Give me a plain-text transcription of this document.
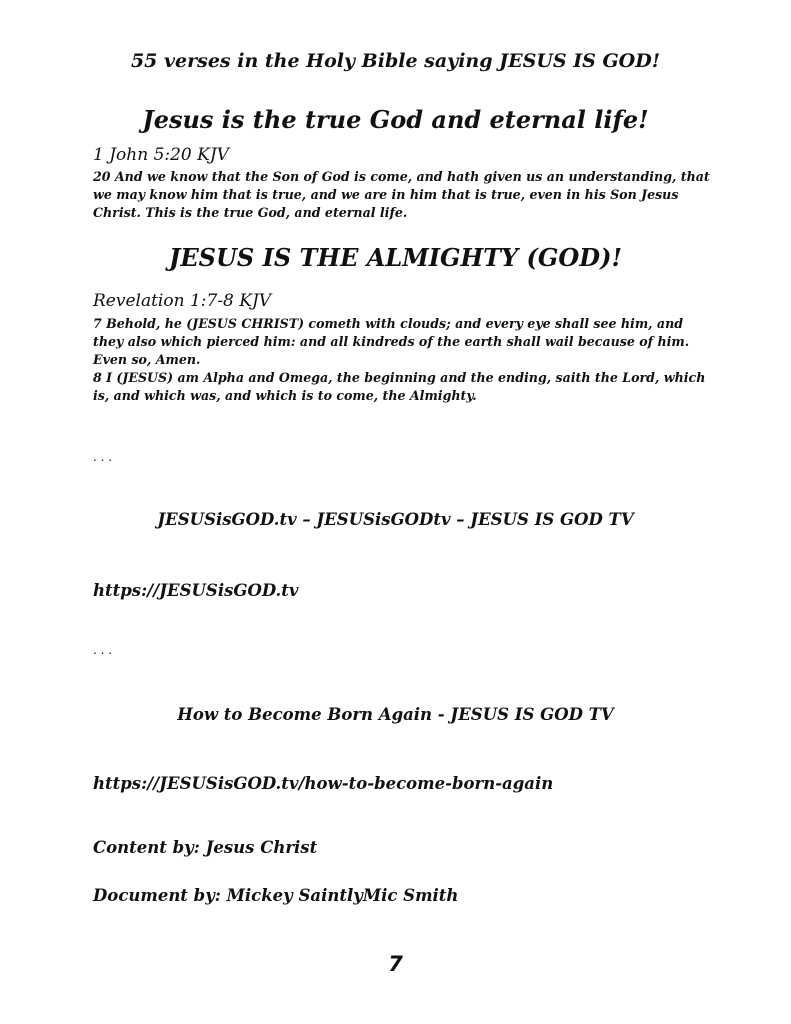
55 verses in the Holy Bible saying JESUS IS GOD!
Jesus is the true God and eternal life!
1 John 5:20 KJV
20 And we know that the Son of God is come, and hath given us an understanding, that we may know him that is true, and we are in him that is true, even in his Son Jesus Christ. This is the true God, and eternal life.
JESUS IS THE ALMIGHTY (GOD)!
Revelation 1:7-8 KJV
7 Behold, he (JESUS CHRIST) cometh with clouds; and every eye shall see him, and they also which pierced him: and all kindreds of the earth shall wail because of him. Even so, Amen.
8 I (JESUS) am Alpha and Omega, the beginning and the ending, saith the Lord, which is, and which was, and which is to come, the Almighty.
. . .
JESUSisGOD.tv – JESUSisGODtv – JESUS IS GOD TV
https://JESUSisGOD.tv
. . .
How to Become Born Again - JESUS IS GOD TV
https://JESUSisGOD.tv/how-to-become-born-again
Content by: Jesus Christ
Document by: Mickey SaintlyMic Smith
7
